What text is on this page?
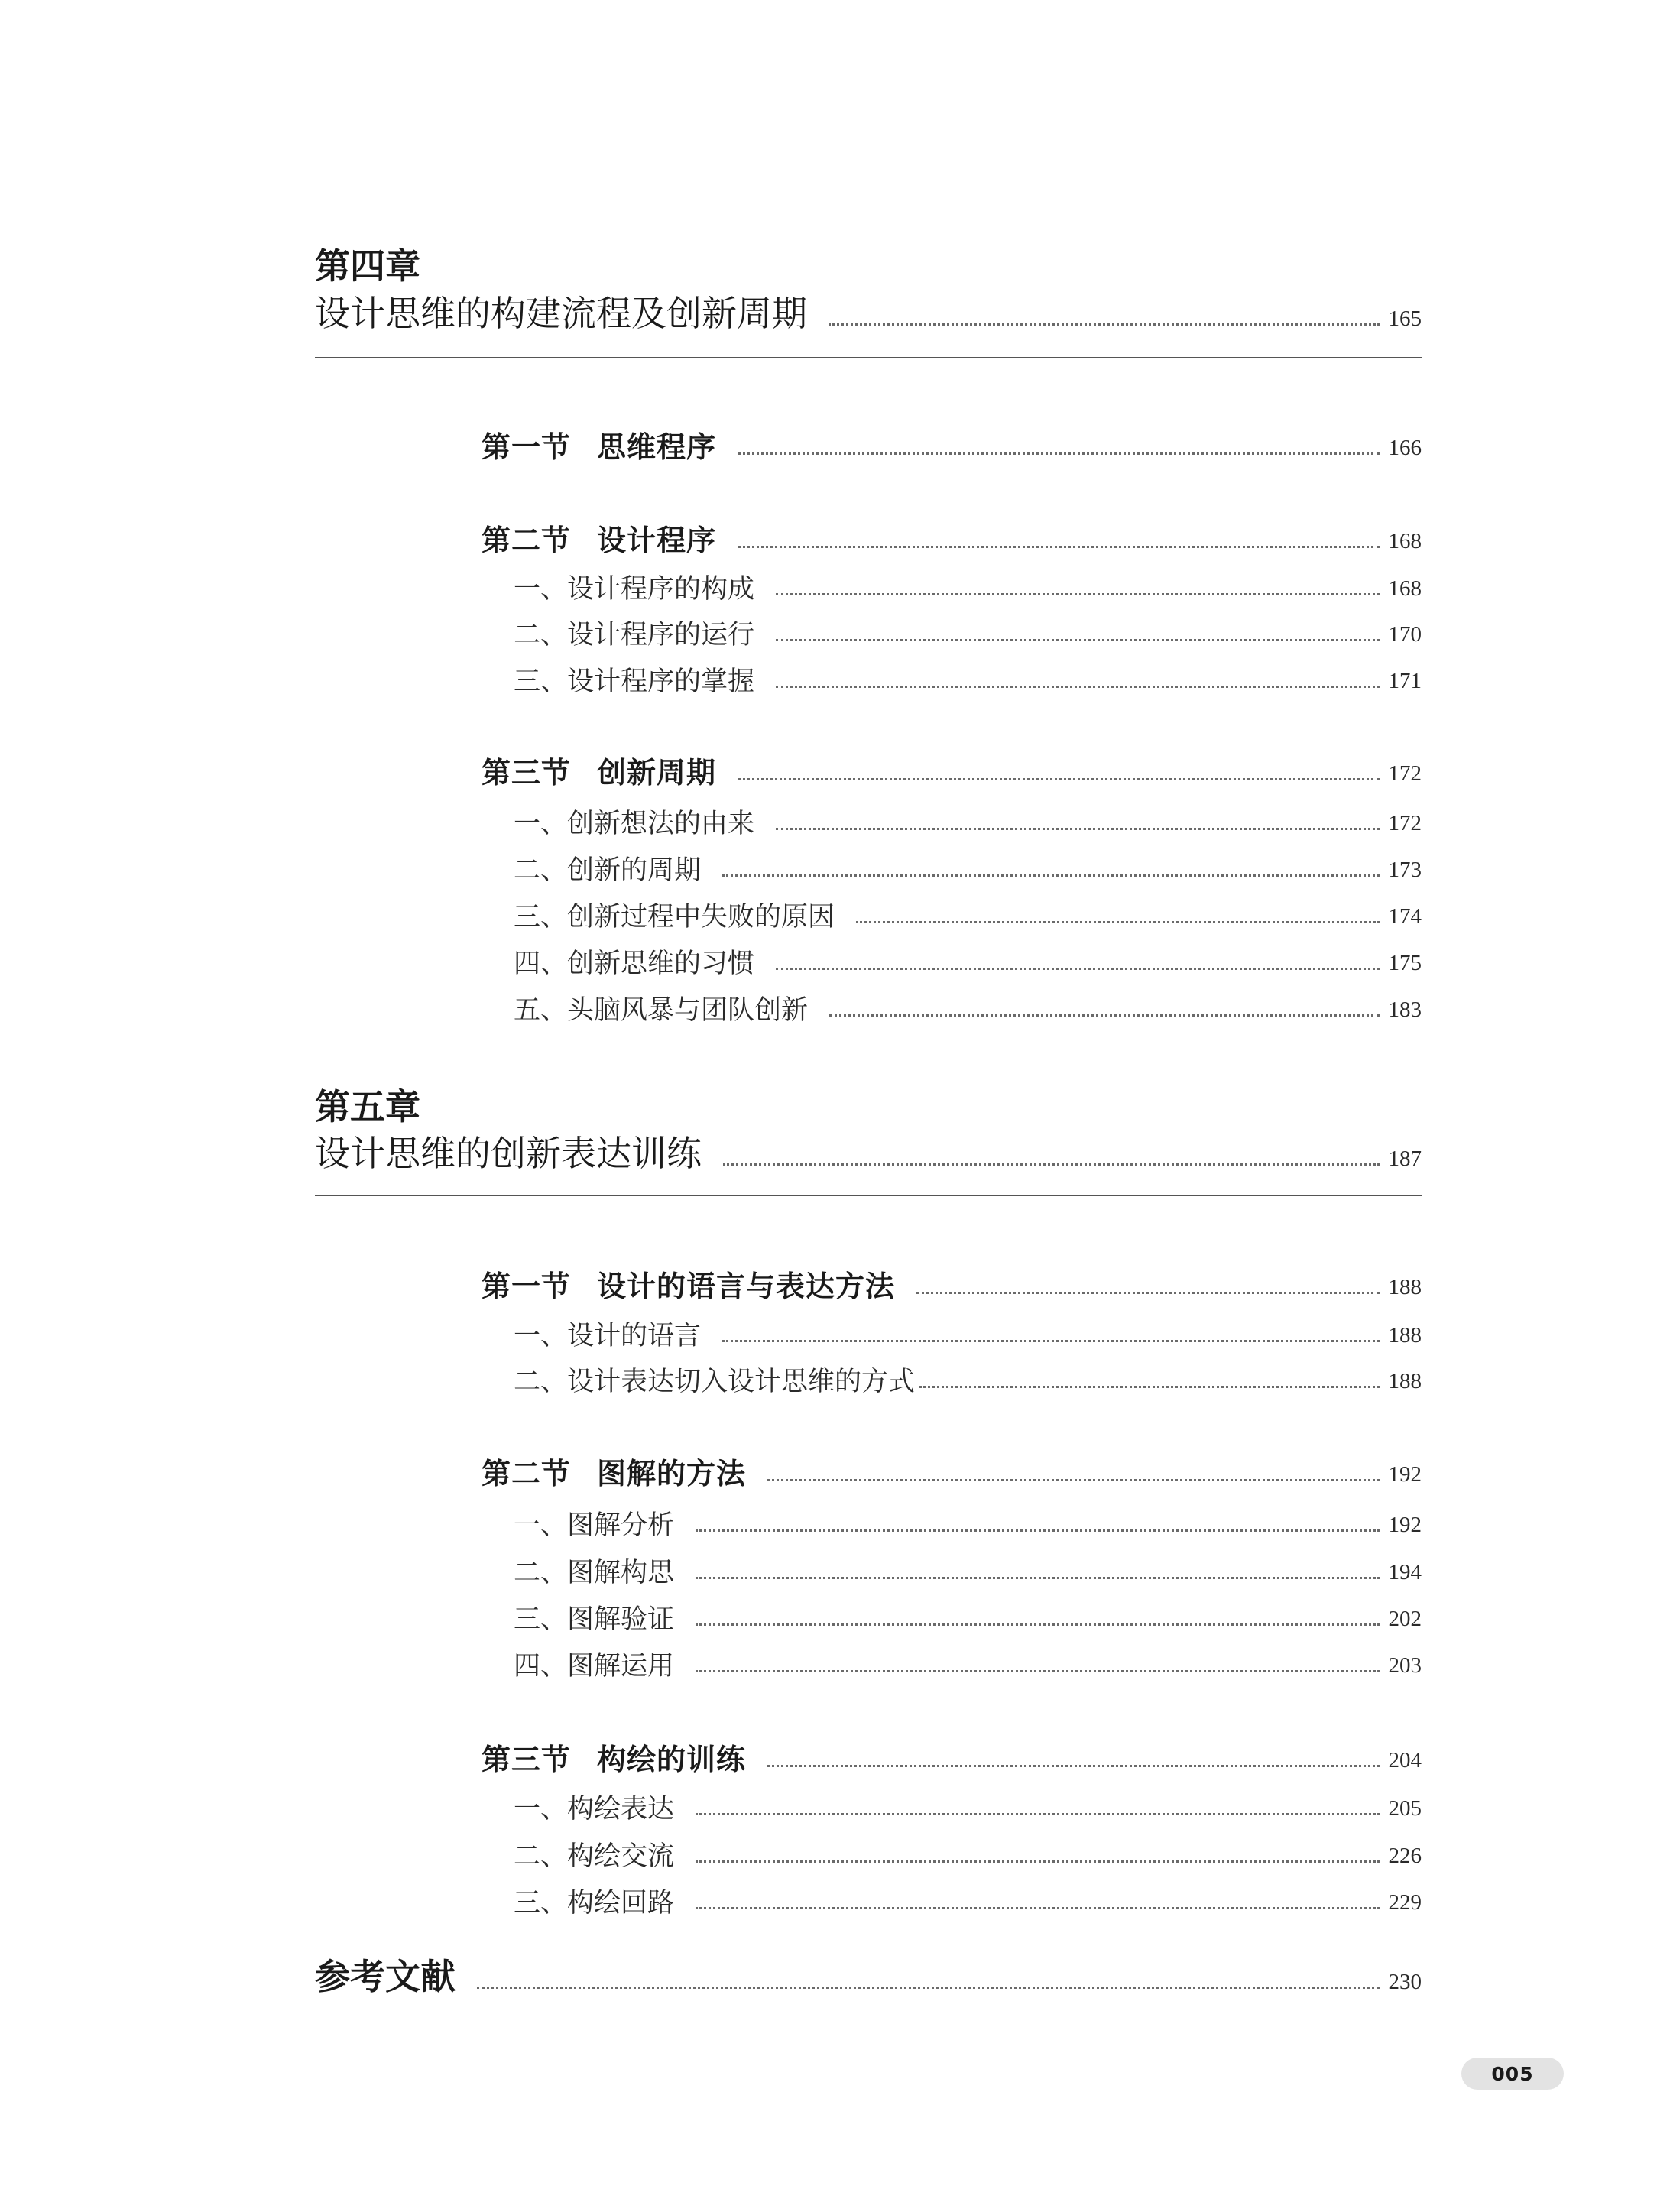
第四章
设计思维的构建流程及创新周期	165
第一节 思维程序	166
第二节 设计程序	168
一、设计程序的构成	168
二、设计程序的运行	170
三、设计程序的掌握	171
第三节 创新周期	172
一、创新想法的由来	172
二、创新的周期	173
三、创新过程中失败的原因	174
四、创新思维的习惯	175
五、头脑风暴与团队创新	183
第五章
设计思维的创新表达训练	187
第一节 设计的语言与表达方法	188
一、设计的语言	188
二、设计表达切入设计思维的方式	188
第二节 图解的方法	192
一、图解分析	192
二、图解构思	194
三、图解验证	202
四、图解运用	203
第三节 构绘的训练	204
一、构绘表达	205
二、构绘交流	226
三、构绘回路	229
参考文献	230
005
